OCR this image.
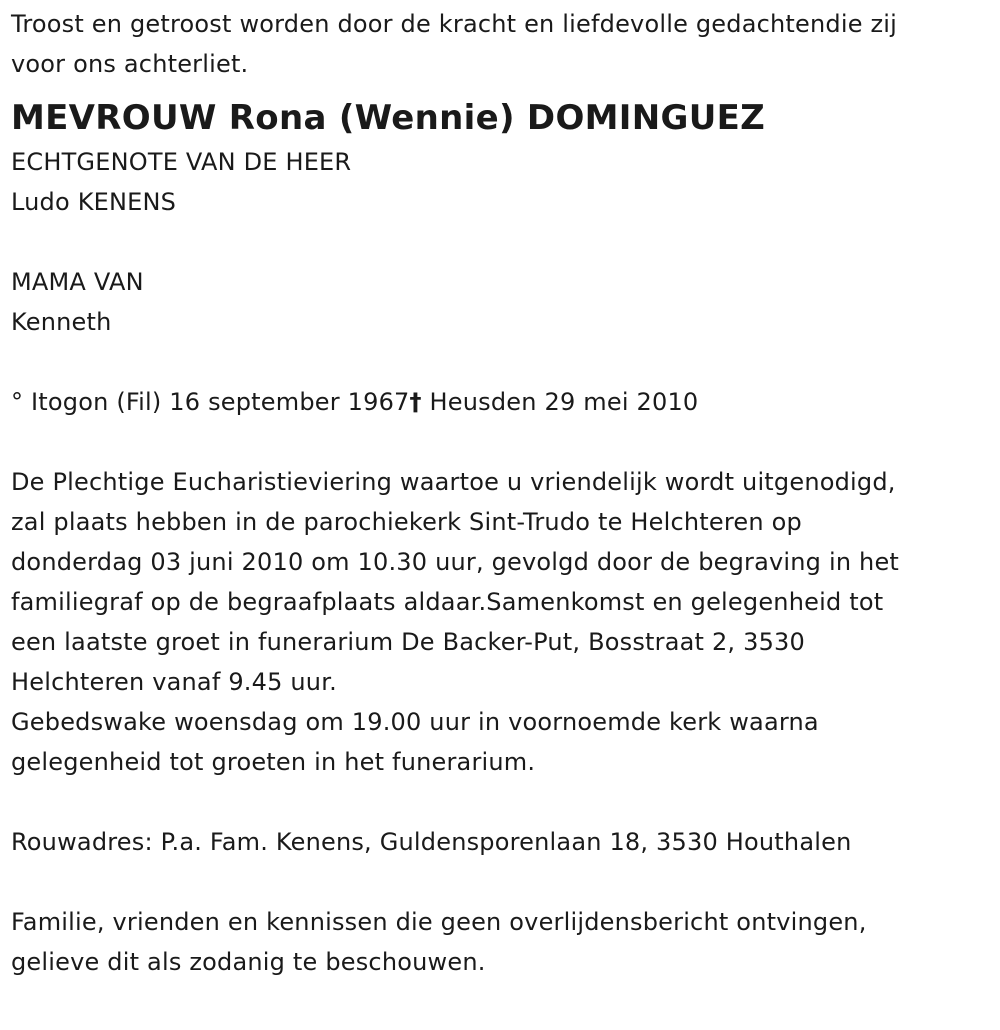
Troost en getroost worden door de kracht en liefdevolle gedachtendie zij
voor ons achterliet.
MEVROUW Rona (Wennie) DOMINGUEZ
ECHTGENOTE VAN DE HEER
Ludo KENENS
MAMA VAN
Kenneth
° Itogon (Fil) 16 september 1967† Heusden 29 mei 2010
De Plechtige Eucharistieviering waartoe u vriendelijk wordt uitgenodigd,
zal plaats hebben in de parochiekerk Sint-Trudo te Helchteren op
donderdag 03 juni 2010 om 10.30 uur, gevolgd door de begraving in het
familiegraf op de begraafplaats aldaar.Samenkomst en gelegenheid tot
een laatste groet in funerarium De Backer-Put, Bosstraat 2, 3530
Helchteren vanaf 9.45 uur.
Gebedswake woensdag om 19.00 uur in voornoemde kerk waarna
gelegenheid tot groeten in het funerarium.
Rouwadres: P.a. Fam. Kenens, Guldensporenlaan 18, 3530 Houthalen
Familie, vrienden en kennissen die geen overlijdensbericht ontvingen,
gelieve dit als zodanig te beschouwen.
